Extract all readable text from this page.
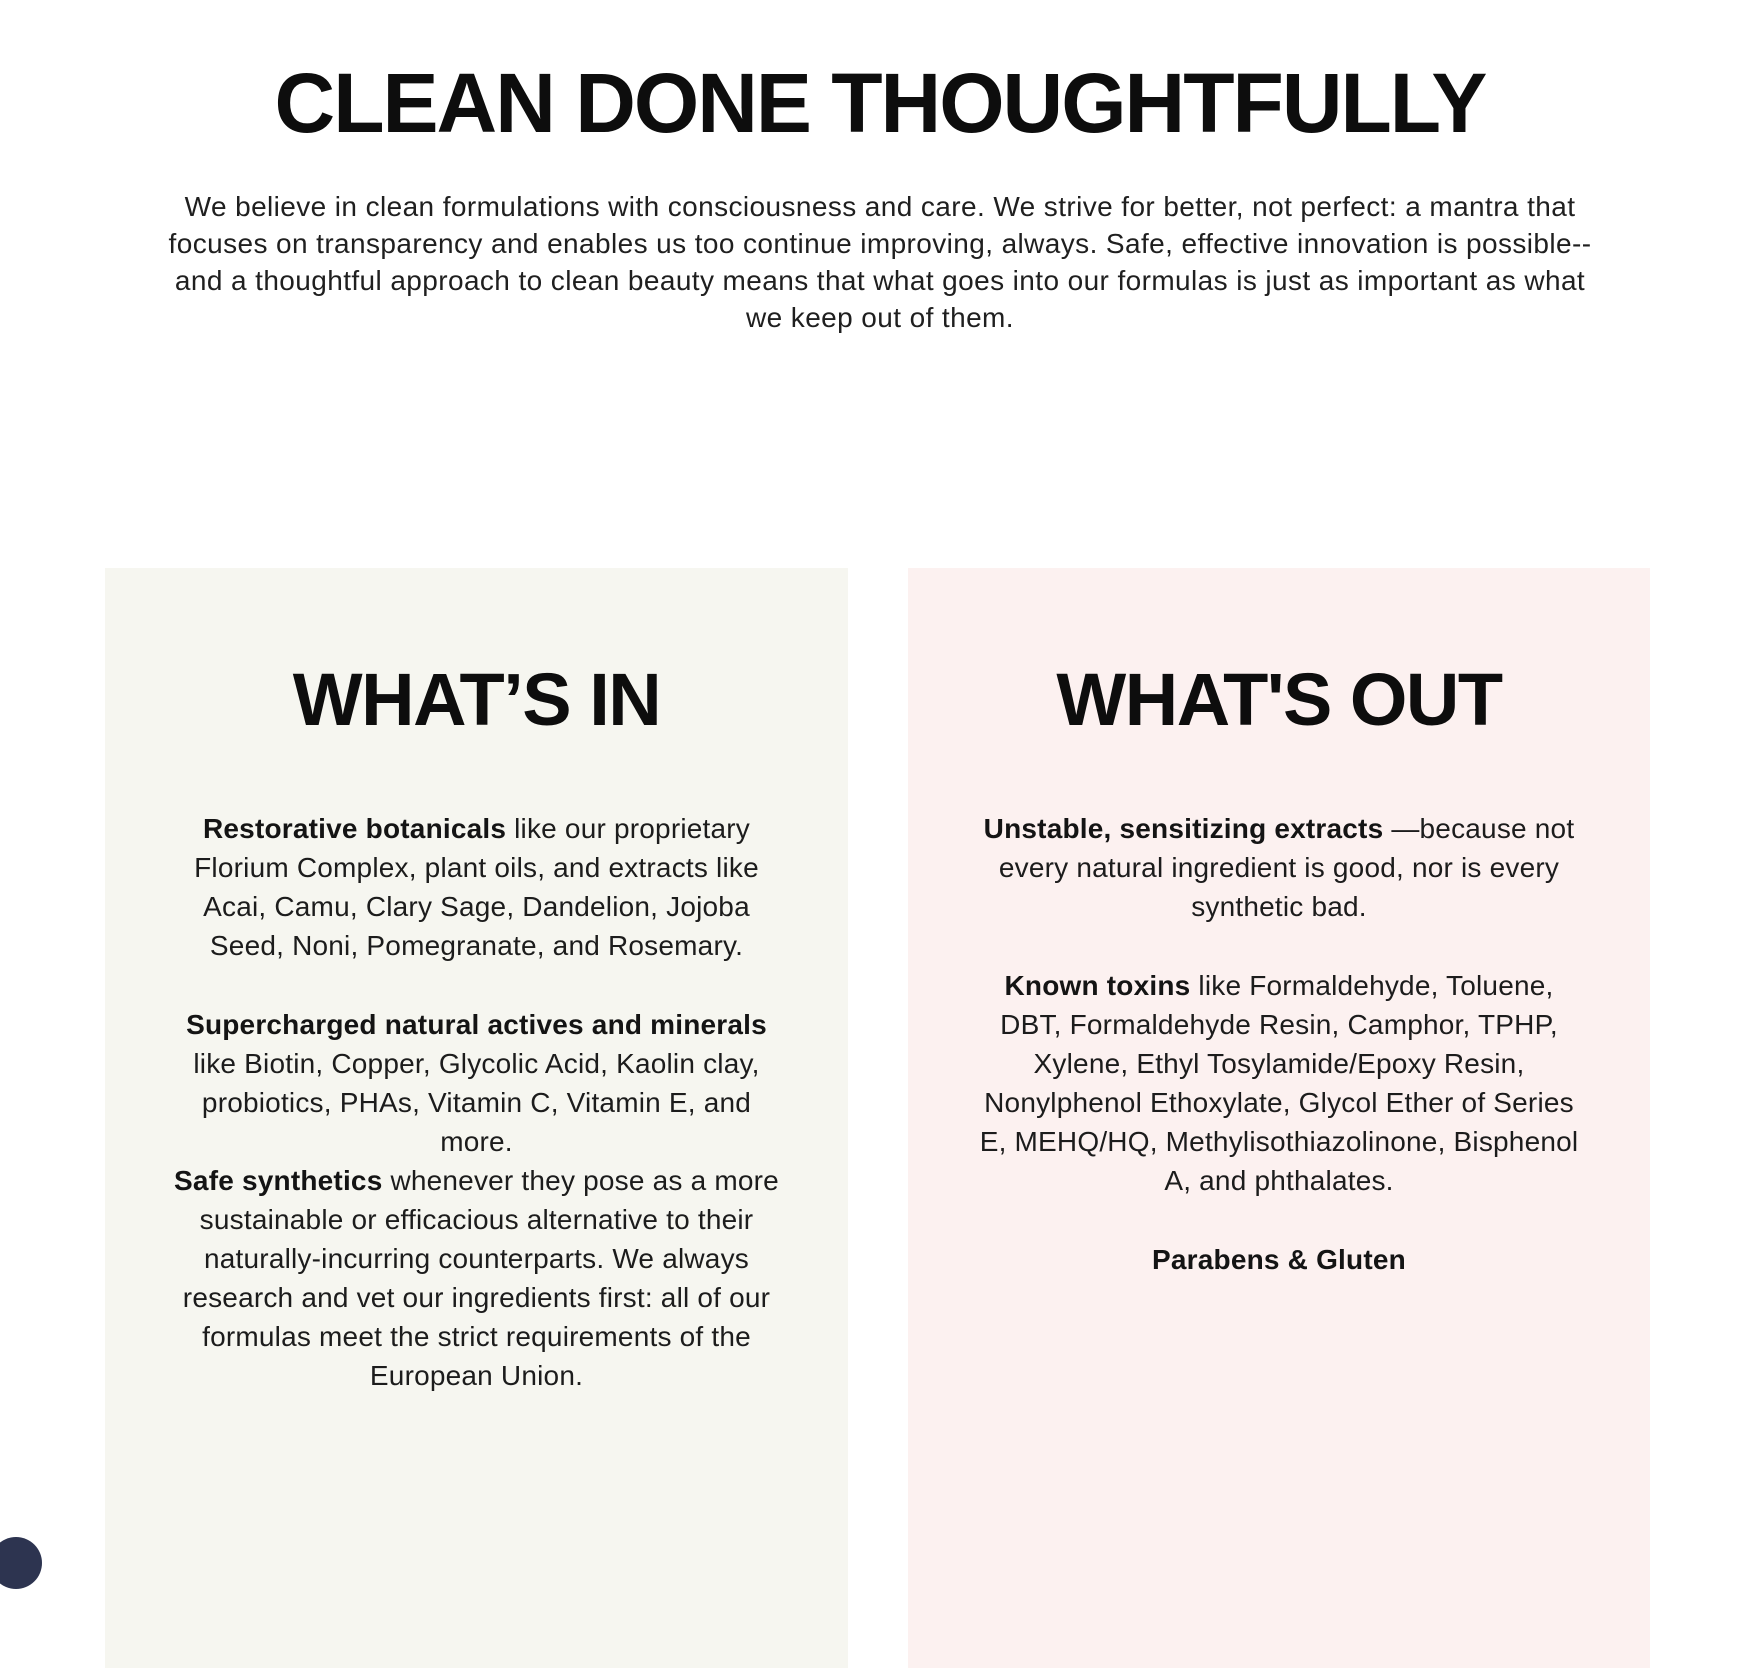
CLEAN DONE THOUGHTFULLY

We believe in clean formulations with consciousness and care. We strive for better, not perfect: a mantra that focuses on transparency and enables us too continue improving, always. Safe, effective innovation is possible--and a thoughtful approach to clean beauty means that what goes into our formulas is just as important as what we keep out of them.

WHAT’S IN

Restorative botanicals like our proprietary Florium Complex, plant oils, and extracts like Acai, Camu, Clary Sage, Dandelion, Jojoba Seed, Noni, Pomegranate, and Rosemary.

Supercharged natural actives and minerals like Biotin, Copper, Glycolic Acid, Kaolin clay, probiotics, PHAs, Vitamin C, Vitamin E, and more.

Safe synthetics whenever they pose as a more sustainable or efficacious alternative to their naturally-incurring counterparts. We always research and vet our ingredients first: all of our formulas meet the strict requirements of the European Union.

WHAT'S OUT

Unstable, sensitizing extracts —because not every natural ingredient is good, nor is every synthetic bad.

Known toxins like Formaldehyde, Toluene, DBT, Formaldehyde Resin, Camphor, TPHP, Xylene, Ethyl Tosylamide/Epoxy Resin, Nonylphenol Ethoxylate, Glycol Ether of Series E, MEHQ/HQ, Methylisothiazolinone, Bisphenol A, and phthalates.

Parabens & Gluten
